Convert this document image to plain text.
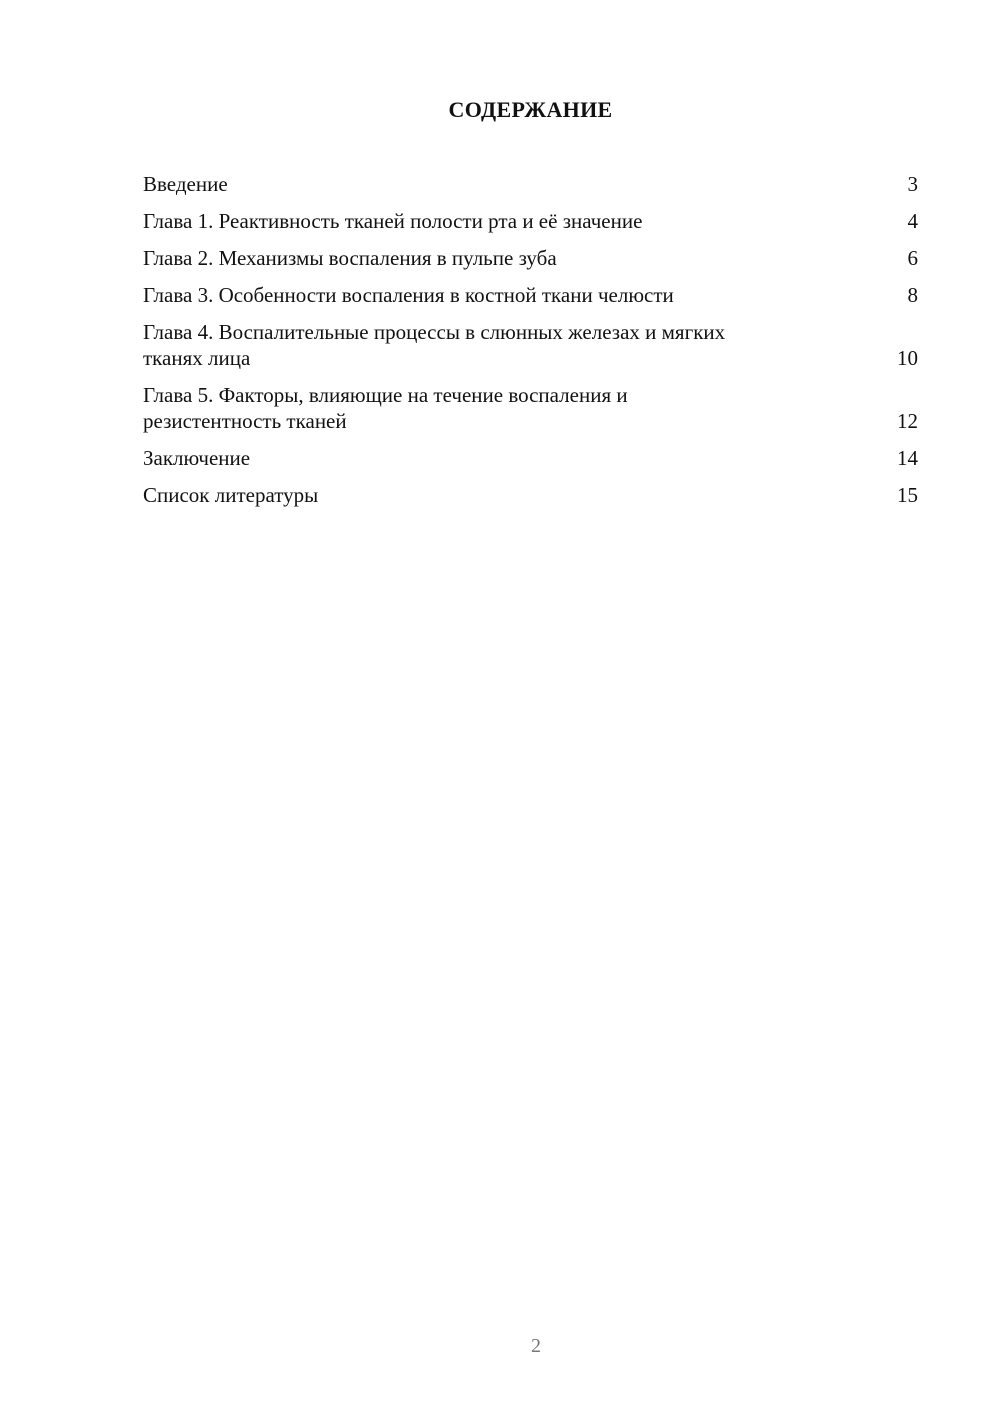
СОДЕРЖАНИЕ
Введение	3
Глава 1. Реактивность тканей полости рта и её значение	4
Глава 2. Механизмы воспаления в пульпе зуба	6
Глава 3. Особенности воспаления в костной ткани челюсти	8
Глава 4. Воспалительные процессы в слюнных железах и мягких тканях лица	10
Глава 5. Факторы, влияющие на течение воспаления и резистентность тканей	12
Заключение	14
Список литературы	15
2
